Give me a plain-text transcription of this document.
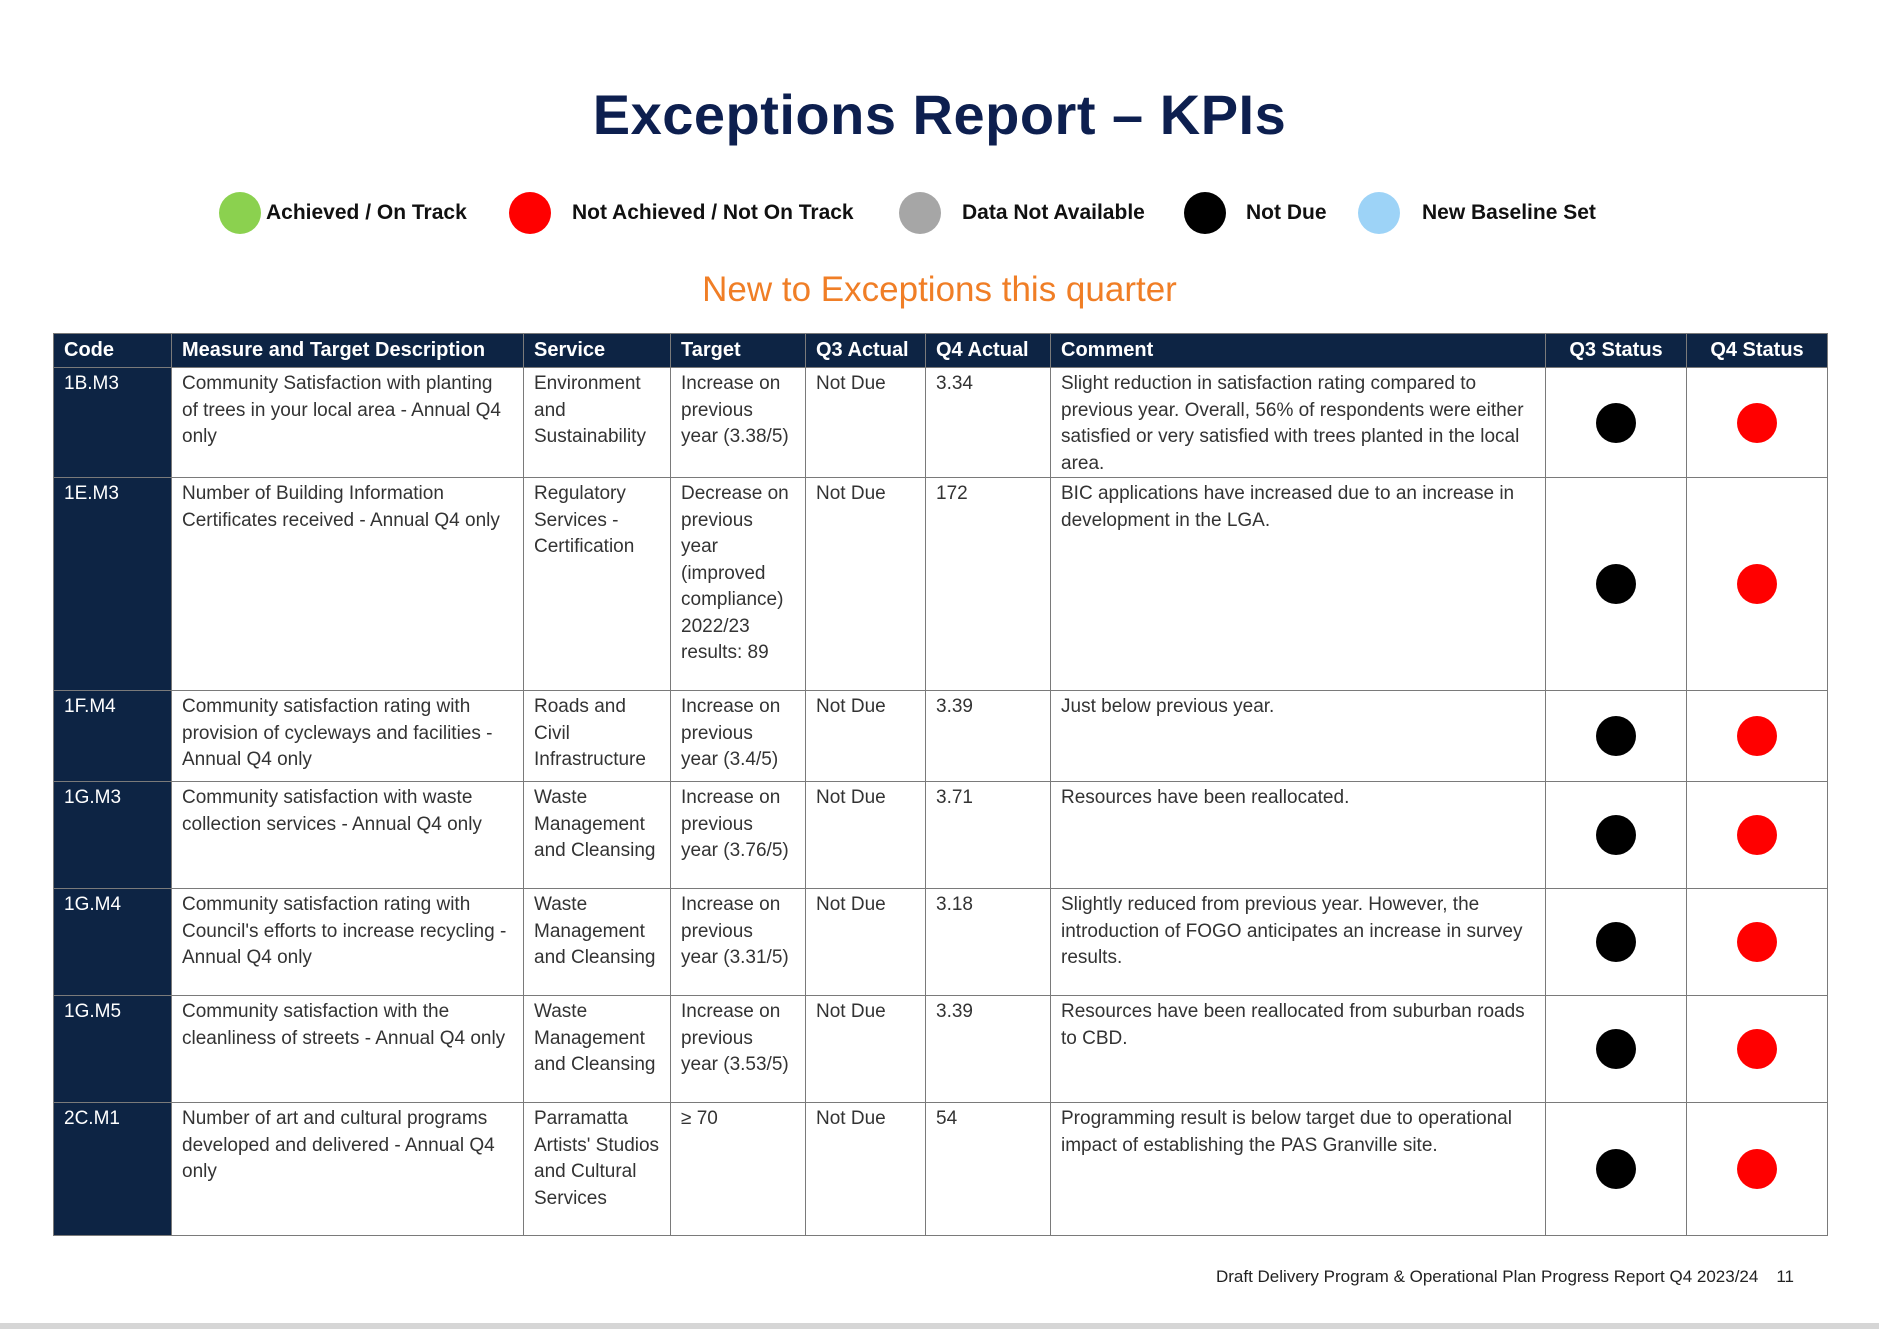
Exceptions Report – KPIs
Achieved / On Track	Not Achieved / Not On Track	Data Not Available	Not Due	New Baseline Set
New to Exceptions this quarter
Code	Measure and Target Description	Service	Target	Q3 Actual	Q4 Actual	Comment	Q3 Status	Q4 Status
1B.M3	Community Satisfaction with planting of trees in your local area - Annual Q4 only	Environment and Sustainability	Increase on previous year (3.38/5)	Not Due	3.34	Slight reduction in satisfaction rating compared to previous year. Overall, 56% of respondents were either satisfied or very satisfied with trees planted in the local area.		
1E.M3	Number of Building Information Certificates received - Annual Q4 only	Regulatory Services - Certification	Decrease on previous year (improved compliance) 2022/23 results: 89	Not Due	172	BIC applications have increased due to an increase in development in the LGA.		
1F.M4	Community satisfaction rating with provision of cycleways and facilities - Annual Q4 only	Roads and Civil Infrastructure	Increase on previous year (3.4/5)	Not Due	3.39	Just below previous year.		
1G.M3	Community satisfaction with waste collection services - Annual Q4 only	Waste Management and Cleansing	Increase on previous year (3.76/5)	Not Due	3.71	Resources have been reallocated.		
1G.M4	Community satisfaction rating with Council's efforts to increase recycling - Annual Q4 only	Waste Management and Cleansing	Increase on previous year (3.31/5)	Not Due	3.18	Slightly reduced from previous year. However, the introduction of FOGO anticipates an increase in survey results.		
1G.M5	Community satisfaction with the cleanliness of streets - Annual Q4 only	Waste Management and Cleansing	Increase on previous year (3.53/5)	Not Due	3.39	Resources have been reallocated from suburban roads to CBD.		
2C.M1	Number of art and cultural programs developed and delivered - Annual Q4 only	Parramatta Artists' Studios and Cultural Services	≥ 70	Not Due	54	Programming result is below target due to operational impact of establishing the PAS Granville site.		
Draft Delivery Program & Operational Plan Progress Report Q4 2023/24 11
